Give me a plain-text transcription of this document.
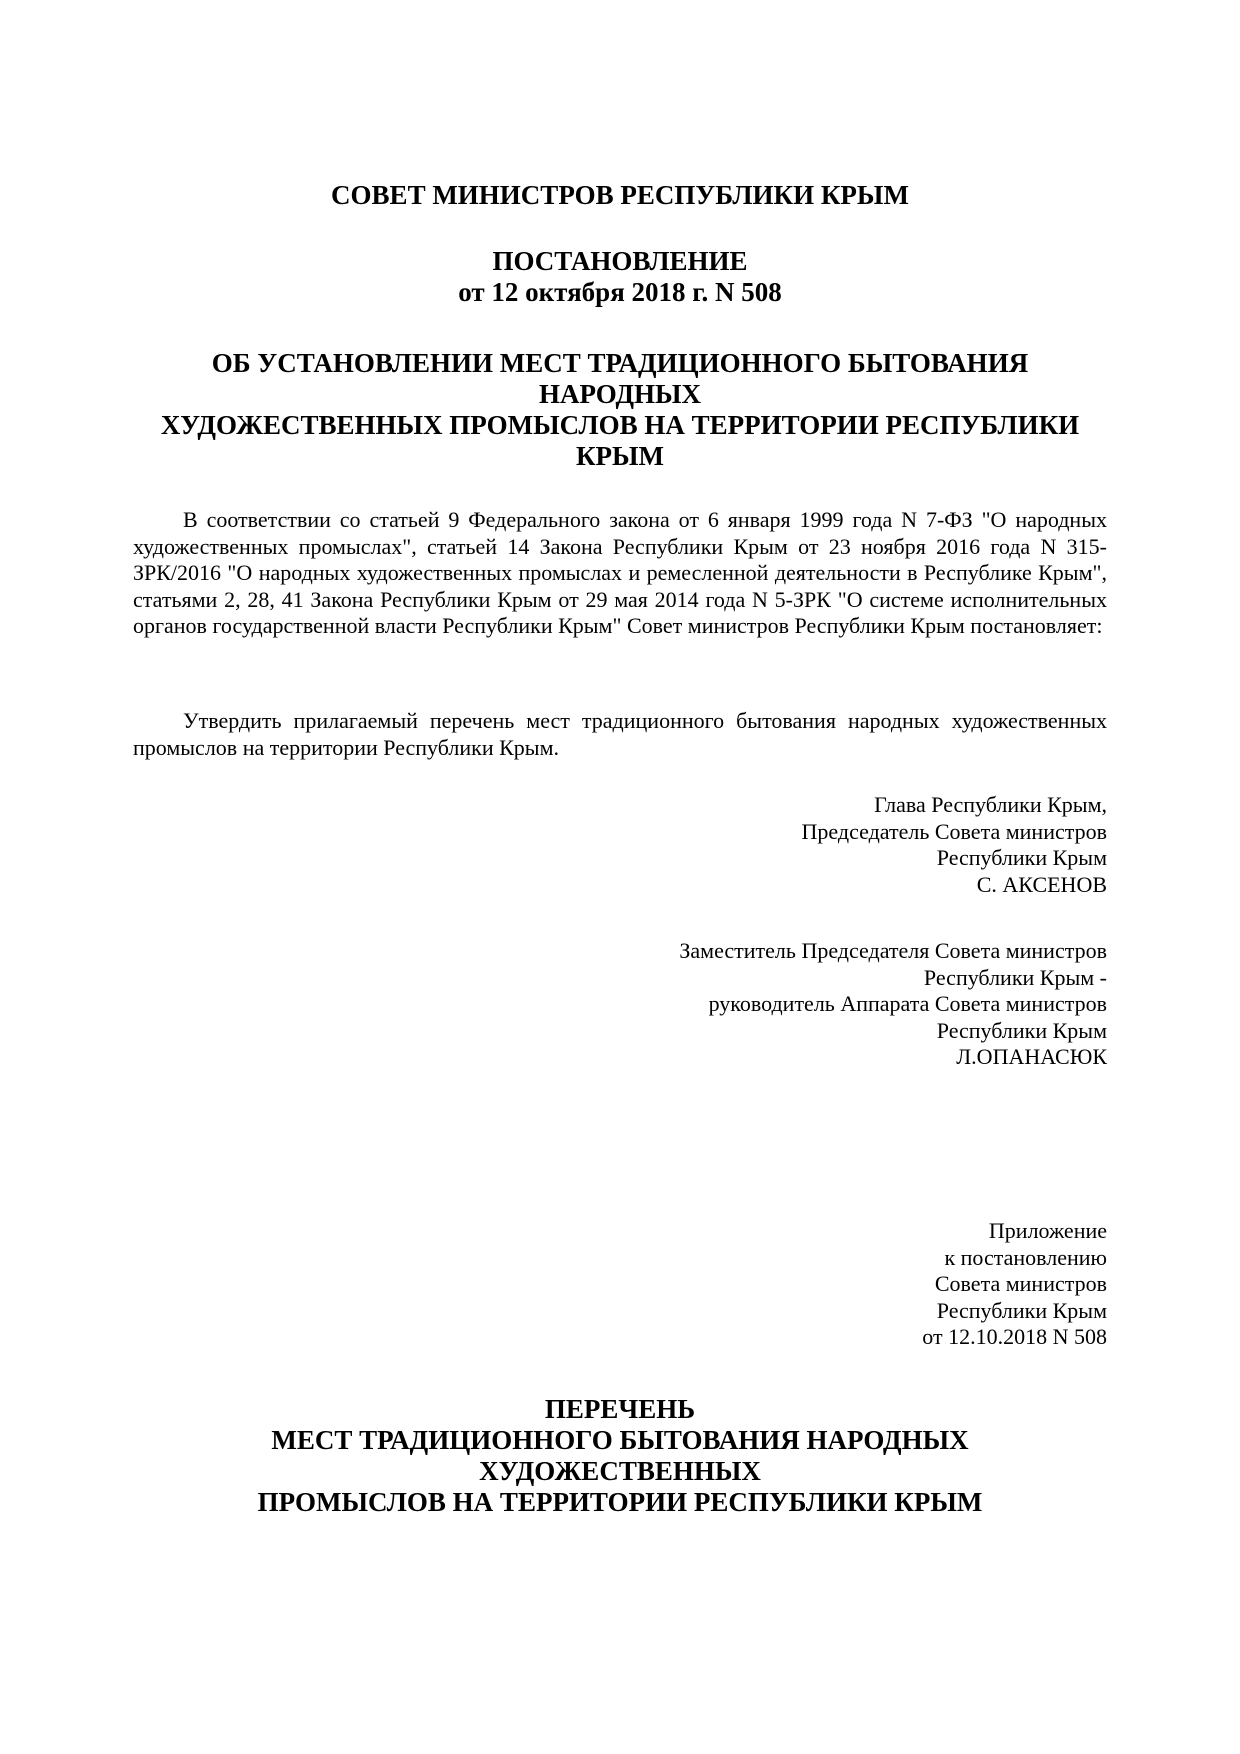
СОВЕТ МИНИСТРОВ РЕСПУБЛИКИ КРЫМ
ПОСТАНОВЛЕНИЕ
от 12 октября 2018 г. N 508
ОБ УСТАНОВЛЕНИИ МЕСТ ТРАДИЦИОННОГО БЫТОВАНИЯ
НАРОДНЫХ
ХУДОЖЕСТВЕННЫХ ПРОМЫСЛОВ НА ТЕРРИТОРИИ РЕСПУБЛИКИ
КРЫМ
В соответствии со статьей 9 Федерального закона от 6 января 1999 года N 7-ФЗ "О народных художественных промыслах", статьей 14 Закона Республики Крым от 23 ноября 2016 года N 315-ЗРК/2016 "О народных художественных промыслах и ремесленной деятельности в Республике Крым", статьями 2, 28, 41 Закона Республики Крым от 29 мая 2014 года N 5-ЗРК "О системе исполнительных органов государственной власти Республики Крым" Совет министров Республики Крым постановляет:
Утвердить прилагаемый перечень мест традиционного бытования народных художественных промыслов на территории Республики Крым.
Глава Республики Крым,
Председатель Совета министров
Республики Крым
С. АКСЕНОВ
Заместитель Председателя Совета министров
Республики Крым -
руководитель Аппарата Совета министров
Республики Крым
Л.ОПАНАСЮК
Приложение
к постановлению
Совета министров
Республики Крым
от 12.10.2018 N 508
ПЕРЕЧЕНЬ
МЕСТ ТРАДИЦИОННОГО БЫТОВАНИЯ НАРОДНЫХ
ХУДОЖЕСТВЕННЫХ
ПРОМЫСЛОВ НА ТЕРРИТОРИИ РЕСПУБЛИКИ КРЫМ
